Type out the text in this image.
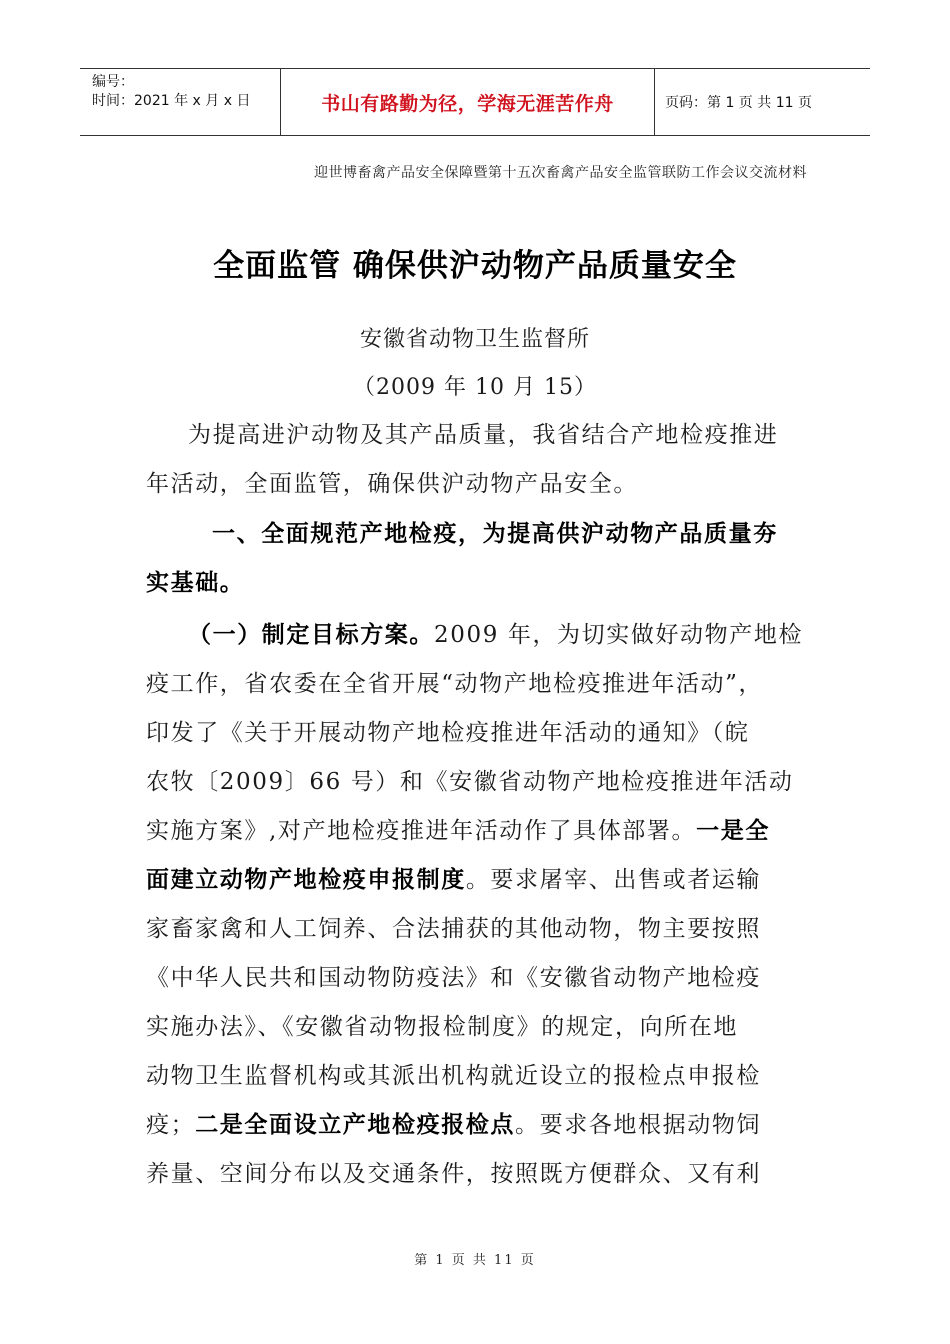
编号：
时间：2021 年 x 月 x 日	书山有路勤为径，学海无涯苦作舟	页码：第 1 页 共 11 页
迎世博畜禽产品安全保障暨第十五次畜禽产品安全监管联防工作会议交流材料
全面监管 确保供沪动物产品质量安全
安徽省动物卫生监督所
（2009 年 10 月 15）
为提高进沪动物及其产品质量，我省结合产地检疫推进
年活动，全面监管，确保供沪动物产品安全。
一、全面规范产地检疫，为提高供沪动物产品质量夯
实基础。
（一）制定目标方案。2009 年，为切实做好动物产地检
疫工作，省农委在全省开展“动物产地检疫推进年活动”，
印发了《关于开展动物产地检疫推进年活动的通知》（皖
农牧〔2009〕66 号）和《安徽省动物产地检疫推进年活动
实施方案》,对产地检疫推进年活动作了具体部署。一是全
面建立动物产地检疫申报制度。要求屠宰、出售或者运输
家畜家禽和人工饲养、合法捕获的其他动物，物主要按照
《中华人民共和国动物防疫法》和《安徽省动物产地检疫
实施办法》、《安徽省动物报检制度》的规定，向所在地
动物卫生监督机构或其派出机构就近设立的报检点申报检
疫；二是全面设立产地检疫报检点。要求各地根据动物饲
养量、空间分布以及交通条件，按照既方便群众、又有利
第 1 页 共 11 页
